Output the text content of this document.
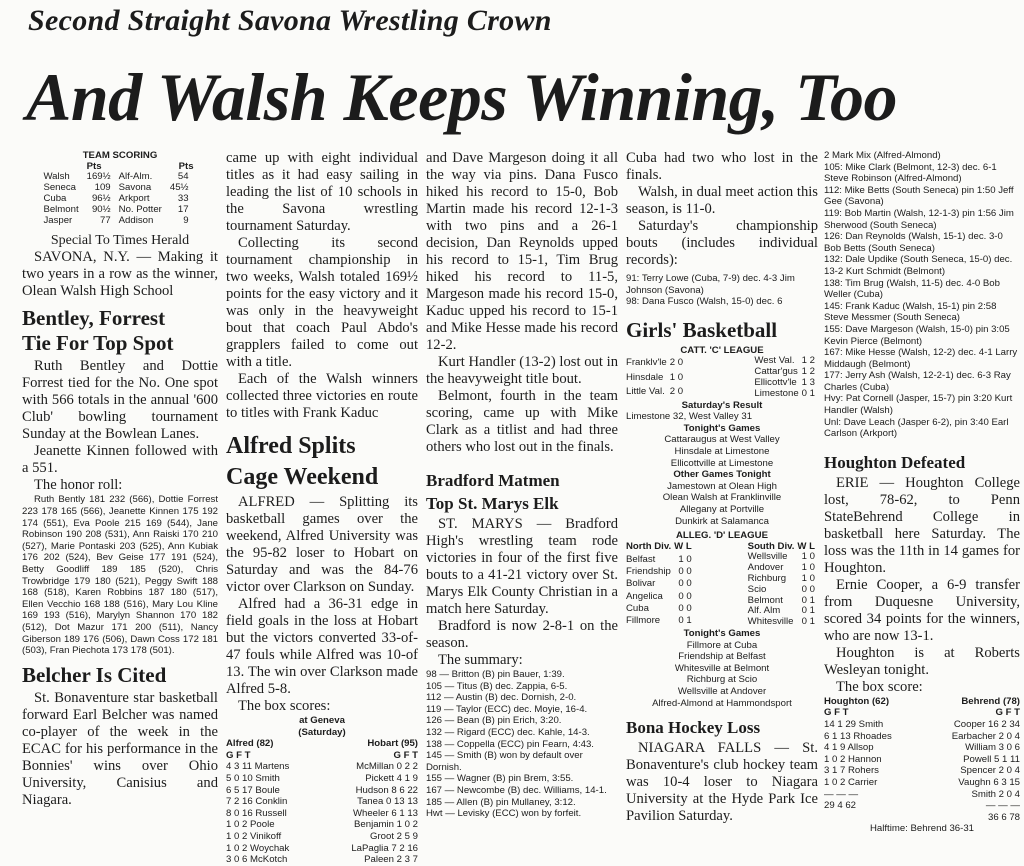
Second Straight Savona Wrestling Crown
And Walsh Keeps Winning, Too

TEAM SCORING

	Pts		Pts
Walsh	169½	Alf-Alm.	54
Seneca	109	Savona	45½
Cuba	96½	Arkport	33
Belmont	90½	No. Potter	17
Jasper	77	Addison	9

Special To Times Herald

SAVONA, N.Y. — Making it two years in a row as the winner, Olean Walsh High School

Bentley, Forrest
Tie For Top Spot

Ruth Bentley and Dottie Forrest tied for the No. One spot with 566 totals in the annual '600 Club' bowling tournament Sunday at the Bowlean Lanes.

Jeanette Kinnen followed with a 551.

The honor roll:

Ruth Bently 181 232 (566), Dottie Forrest 223 178 165 (566), Jeanette Kinnen 175 192 174 (551), Eva Poole 215 169 (544), Jane Robinson 190 208 (531), Ann Raiski 170 210 (527), Marie Pontaski 203 (525), Ann Kubiak 176 202 (524), Bev Geise 177 191 (524), Betty Goodliff 189 185 (520), Chris Trowbridge 179 180 (521), Peggy Swift 188 168 (518), Karen Robbins 187 180 (517), Ellen Vecchio 168 188 (516), Mary Lou Kline 169 193 (516), Marylyn Shannon 170 182 (512), Dot Mazur 171 200 (511), Nancy Giberson 189 176 (506), Dawn Coss 172 181 (503), Fran Piechota 173 178 (501).

Belcher Is Cited

St. Bonaventure star basketball forward Earl Belcher was named co-player of the week in the ECAC for his performance in the Bonnies' wins over Ohio University, Canisius and Niagara.

came up with eight individual titles as it had easy sailing in leading the list of 10 schools in the Savona wrestling tournament Saturday.

Collecting its second tournament championship in two weeks, Walsh totaled 169½ points for the easy victory and it was only in the heavyweight bout that coach Paul Abdo's grapplers failed to come out with a title.

Each of the Walsh winners collected three victories en route to titles with Frank Kaduc

Alfred Splits
Cage Weekend

ALFRED — Splitting its basketball games over the weekend, Alfred University was the 95-82 loser to Hobart on Saturday and was the 84-76 victor over Clarkson on Sunday.

Alfred had a 36-31 edge in field goals in the loss at Hobart but the victors converted 33-of-47 fouls while Alfred was 10-of 13. The win over Clarkson made Alfred 5-8.

The box scores:

at Geneva

(Saturday)

Alfred (82)

G F T

4 3 11 Martens

5 0 10 Smith

6 5 17 Boule

7 2 16 Conklin

8 0 16 Russell

1 0 2 Poole

1 0 2 Vinikoff

1 0 2 Woychak

3 0 6 McKotch

Hobart (95)

G F T

McMillan 0 2 2

Pickett 4 1 9

Hudson 8 6 22

Tanea 0 13 13

Wheeler 6 1 13

Benjamin 1 0 2

Groot 2 5 9

LaPaglia 7 2 16

Paleen 2 3 7

and Dave Margeson doing it all the way via pins. Dana Fusco hiked his record to 15-0, Bob Martin made his record 12-1-3 with two pins and a 26-1 decision, Dan Reynolds upped his record to 15-1, Tim Brug hiked his record to 11-5, Margeson made his record 15-0, Kaduc upped his record to 15-1 and Mike Hesse made his record 12-2.

Kurt Handler (13-2) lost out in the heavyweight title bout.

Belmont, fourth in the team scoring, came up with Mike Clark as a titlist and had three others who lost out in the finals.

Bradford Matmen
Top St. Marys Elk

ST. MARYS — Bradford High's wrestling team rode victories in four of the first five bouts to a 41-21 victory over St. Marys Elk County Christian in a match here Saturday.

Bradford is now 2-8-1 on the season.

The summary:

98 — Britton (B) pin Bauer, 1:39.

105 — Titus (B) dec. Zappia, 6-5.

112 — Austin (B) dec. Dornish, 2-0.

119 — Taylor (ECC) dec. Moyie, 16-4.

126 — Bean (B) pin Erich, 3:20.

132 — Rigard (ECC) dec. Kahle, 14-3.

138 — Coppella (ECC) pin Fearn, 4:43.

145 — Smith (B) won by default over Dornish.

155 — Wagner (B) pin Brem, 3:55.

167 — Newcombe (B) dec. Williams, 14-1.

185 — Allen (B) pin Mullaney, 3:12.

Hwt — Levisky (ECC) won by forfeit.

Cuba had two who lost in the finals.

Walsh, in dual meet action this season, is 11-0.

Saturday's championship bouts (includes individual records):

91: Terry Lowe (Cuba, 7-9) dec. 4-3 Jim Johnson (Savona)

98: Dana Fusco (Walsh, 15-0) dec. 6

Girls' Basketball

CATT. 'C' LEAGUE

Franklv'le	2 0
Hinsdale	1 0
Little Val.	2 0
West Val.	1 2
Cattar'gus	1 2
Ellicottv'le	1 3
Limestone	0 1

Saturday's Result

Limestone 32, West Valley 31

Tonight's Games

Cattaraugus at West Valley

Hinsdale at Limestone

Ellicottville at Limestone

Other Games Tonight

Jamestown at Olean High

Olean Walsh at Franklinville

Allegany at Portville

Dunkirk at Salamanca

ALLEG. 'D' LEAGUE

North Div.	W L
Belfast	1 0
Friendship	0 0
Bolivar	0 0
Angelica	0 0
Cuba	0 0
Fillmore	0 1
South Div.	W L
Wellsville	1 0
Andover	1 0
Richburg	1 0
Scio	0 0
Belmont	0 1
Alf. Alm	0 1
Whitesville	0 1

Tonight's Games

Fillmore at Cuba

Friendship at Belfast

Whitesville at Belmont

Richburg at Scio

Wellsville at Andover

Alfred-Almond at Hammondsport

Bona Hockey Loss

NIAGARA FALLS — St. Bonaventure's club hockey team was 10-4 loser to Niagara University at the Hyde Park Ice Pavilion Saturday.

2 Mark Mix (Alfred-Almond)

105: Mike Clark (Belmont, 12-3) dec. 6-1 Steve Robinson (Alfred-Almond)

112: Mike Betts (South Seneca) pin 1:50 Jeff Gee (Savona)

119: Bob Martin (Walsh, 12-1-3) pin 1:56 Jim Sherwood (South Seneca)

126: Dan Reynolds (Walsh, 15-1) dec. 3-0 Bob Betts (South Seneca)

132: Dale Updike (South Seneca, 15-0) dec. 13-2 Kurt Schmidt (Belmont)

138: Tim Brug (Walsh, 11-5) dec. 4-0 Bob Weller (Cuba)

145: Frank Kaduc (Walsh, 15-1) pin 2:58 Steve Messmer (South Seneca)

155: Dave Margeson (Walsh, 15-0) pin 3:05 Kevin Pierce (Belmont)

167: Mike Hesse (Walsh, 12-2) dec. 4-1 Larry Middaugh (Belmont)

177: Jerry Ash (Walsh, 12-2-1) dec. 6-3 Ray Charles (Cuba)

Hvy: Pat Cornell (Jasper, 15-7) pin 3:20 Kurt Handler (Walsh)

Unl: Dave Leach (Jasper 6-2), pin 3:40 Earl Carlson (Arkport)

Houghton Defeated

ERIE — Houghton College lost, 78-62, to Penn StateBehrend College in basketball here Saturday. The loss was the 11th in 14 games for Houghton.

Ernie Cooper, a 6-9 transfer from Duquesne University, scored 34 points for the winners, who are now 13-1.

Houghton is at Roberts Wesleyan tonight.

The box score:

Houghton (62)

G F T

14 1 29 Smith

6 1 13 Rhoades

4 1 9 Allsop

1 0 2 Hannon

3 1 7 Rohers

1 0 2 Carrier

— — —

29 4 62

Behrend (78)

G F T

Cooper 16 2 34

Earbacher 2 0 4

William 3 0 6

Powell 5 1 11

Spencer 2 0 4

Vaughn 6 3 15

Smith 2 0 4

— — —

36 6 78

Halftime: Behrend 36-31
